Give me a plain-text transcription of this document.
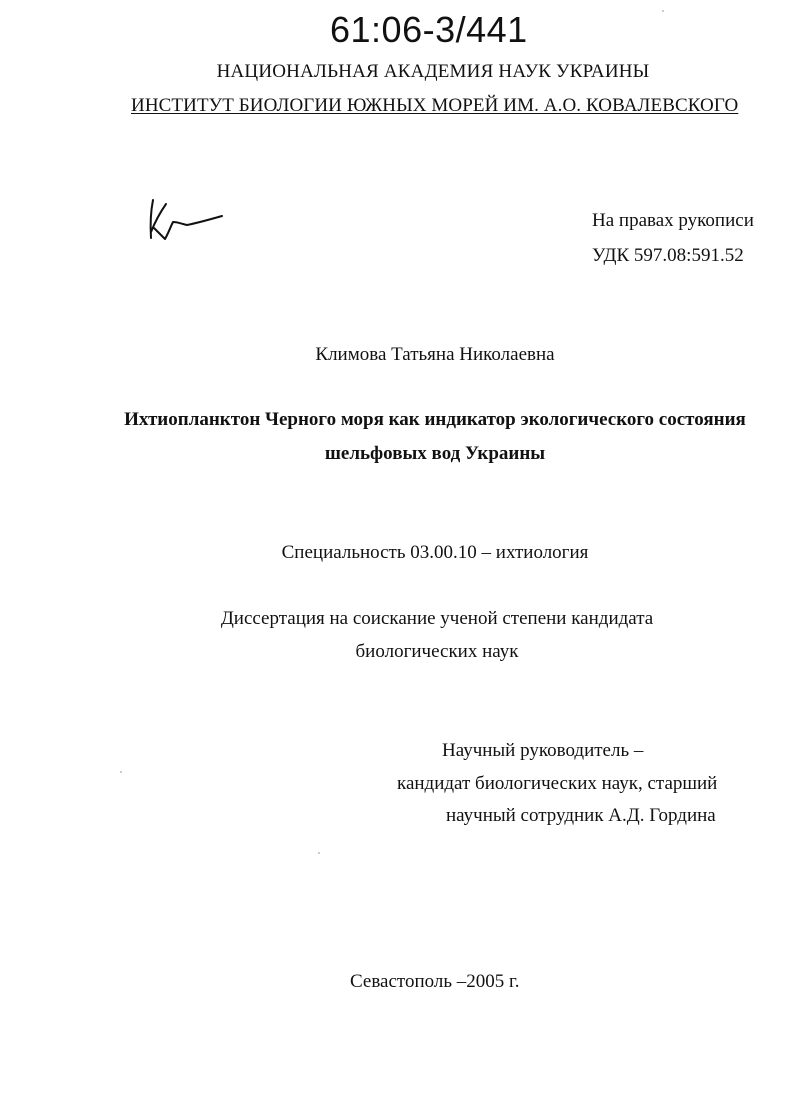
61:06-3/441
НАЦИОНАЛЬНАЯ АКАДЕМИЯ НАУК УКРАИНЫ
ИНСТИТУТ БИОЛОГИИ ЮЖНЫХ МОРЕЙ ИМ. А.О. КОВАЛЕВСКОГО
На правах рукописи
УДК 597.08:591.52
Климова Татьяна Николаевна
Ихтиопланктон Черного моря как индикатор экологического состояния
шельфовых вод Украины
Специальность 03.00.10 – ихтиология
Диссертация на соискание ученой степени кандидата
биологических наук
Научный руководитель –
кандидат биологических наук, старший
научный сотрудник А.Д. Гордина
Севастополь –2005 г.
